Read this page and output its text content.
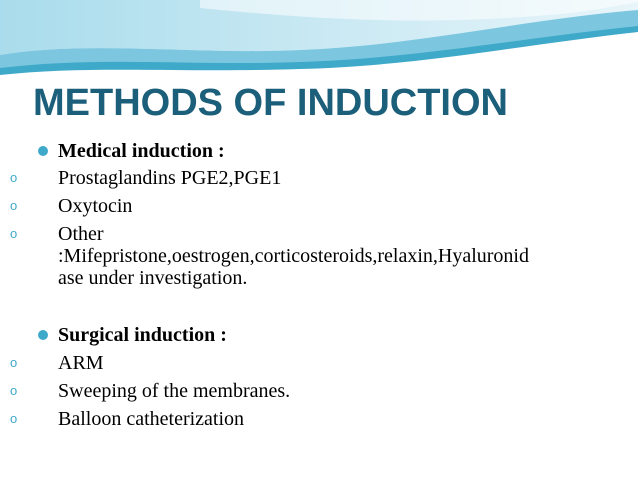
METHODS OF INDUCTION
Medical induction :
o Prostaglandins PGE2,PGE1
o Oxytocin
o Other
:Mifepristone,oestrogen,corticosteroids,relaxin,Hyaluronid
ase under investigation.
Surgical induction :
o ARM
o Sweeping of the membranes.
o Balloon catheterization
